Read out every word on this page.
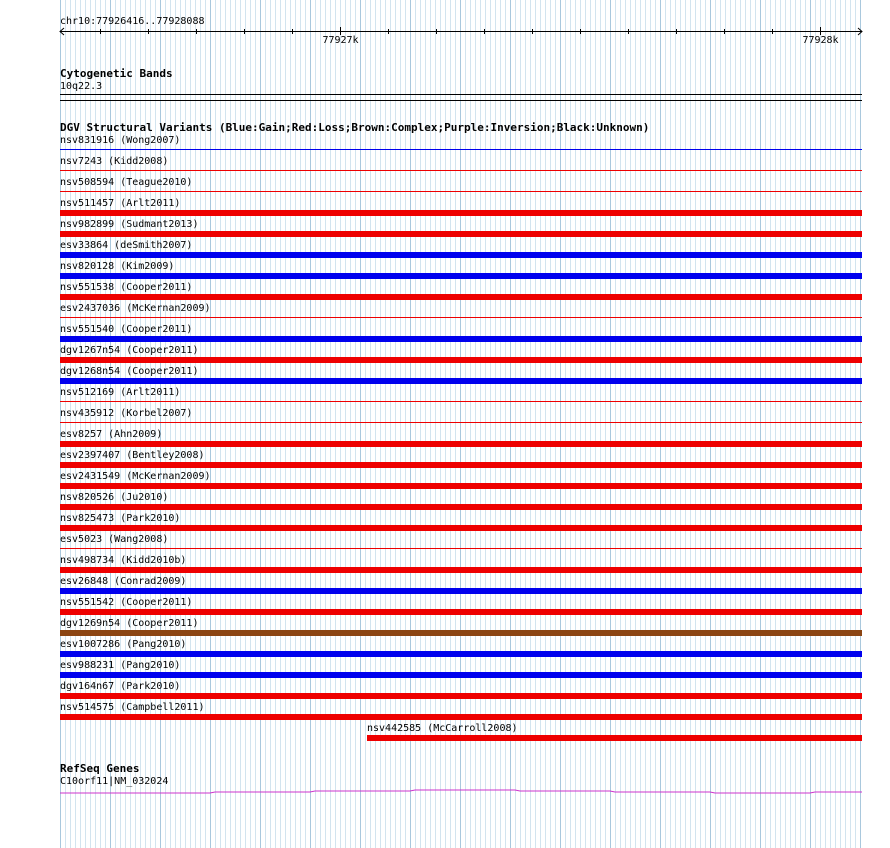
77927k	77928k
chr10:77926416..77928088
Cytogenetic Bands
10q22.3
DGV Structural Variants (Blue:Gain;Red:Loss;Brown:Complex;Purple:Inversion;Black:Unknown)
nsv831916 (Wong2007)
nsv7243 (Kidd2008)
nsv508594 (Teague2010)
nsv511457 (Arlt2011)
nsv982899 (Sudmant2013)
esv33864 (deSmith2007)
nsv820128 (Kim2009)
nsv551538 (Cooper2011)
esv2437036 (McKernan2009)
nsv551540 (Cooper2011)
dgv1267n54 (Cooper2011)
dgv1268n54 (Cooper2011)
nsv512169 (Arlt2011)
nsv435912 (Korbel2007)
esv8257 (Ahn2009)
esv2397407 (Bentley2008)
esv2431549 (McKernan2009)
nsv820526 (Ju2010)
nsv825473 (Park2010)
esv5023 (Wang2008)
nsv498734 (Kidd2010b)
esv26848 (Conrad2009)
nsv551542 (Cooper2011)
dgv1269n54 (Cooper2011)
esv1007286 (Pang2010)
esv988231 (Pang2010)
dgv164n67 (Park2010)
nsv514575 (Campbell2011)
nsv442585 (McCarroll2008)
RefSeq Genes
C10orf11|NM_032024
